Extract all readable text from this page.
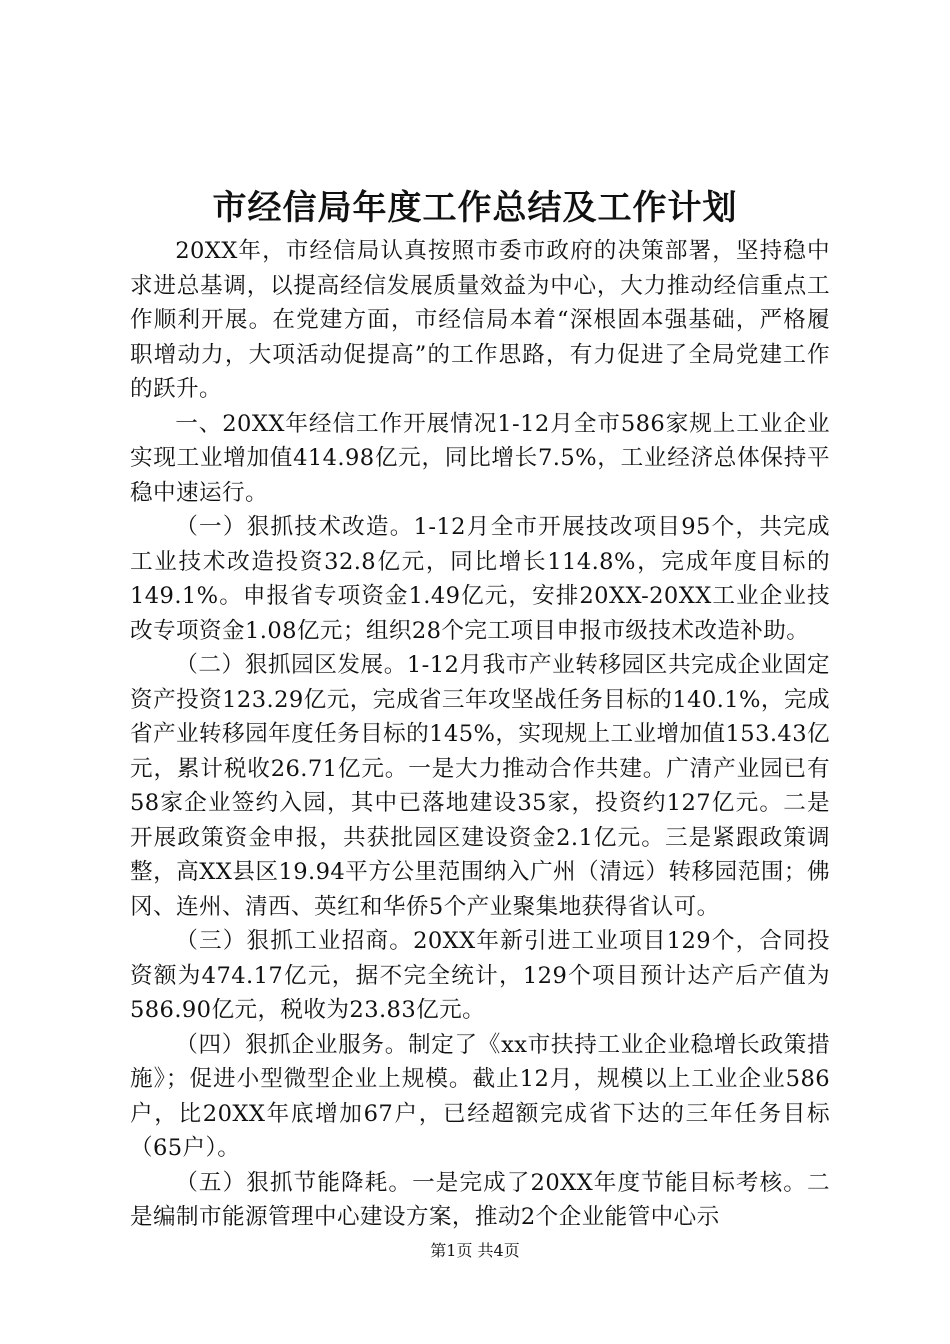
市经信局年度工作总结及工作计划

20XX年，市经信局认真按照市委市政府的决策部署，坚持稳中求进总基调，以提高经信发展质量效益为中心，大力推动经信重点工作顺利开展。在党建方面，市经信局本着“深根固本强基础，严格履职增动力，大项活动促提高”的工作思路，有力促进了全局党建工作的跃升。

一、20XX年经信工作开展情况1-12月全市586家规上工业企业实现工业增加值414.98亿元，同比增长7.5%，工业经济总体保持平稳中速运行。

（一）狠抓技术改造。1-12月全市开展技改项目95个，共完成工业技术改造投资32.8亿元，同比增长114.8%，完成年度目标的149.1%。申报省专项资金1.49亿元，安排20XX-20XX工业企业技改专项资金1.08亿元；组织28个完工项目申报市级技术改造补助。

（二）狠抓园区发展。1-12月我市产业转移园区共完成企业固定资产投资123.29亿元，完成省三年攻坚战任务目标的140.1%，完成省产业转移园年度任务目标的145%，实现规上工业增加值153.43亿元，累计税收26.71亿元。一是大力推动合作共建。广清产业园已有58家企业签约入园，其中已落地建设35家，投资约127亿元。二是开展政策资金申报，共获批园区建设资金2.1亿元。三是紧跟政策调整，高XX县区19.94平方公里范围纳入广州（清远）转移园范围；佛冈、连州、清西、英红和华侨5个产业聚集地获得省认可。

（三）狠抓工业招商。20XX年新引进工业项目129个，合同投资额为474.17亿元，据不完全统计，129个项目预计达产后产值为586.90亿元，税收为23.83亿元。

（四）狠抓企业服务。制定了《xx市扶持工业企业稳增长政策措施》；促进小型微型企业上规模。截止12月，规模以上工业企业586户，比20XX年底增加67户，已经超额完成省下达的三年任务目标（65户）。

（五）狠抓节能降耗。一是完成了20XX年度节能目标考核。二是编制市能源管理中心建设方案，推动2个企业能管中心示

第1页 共4页
